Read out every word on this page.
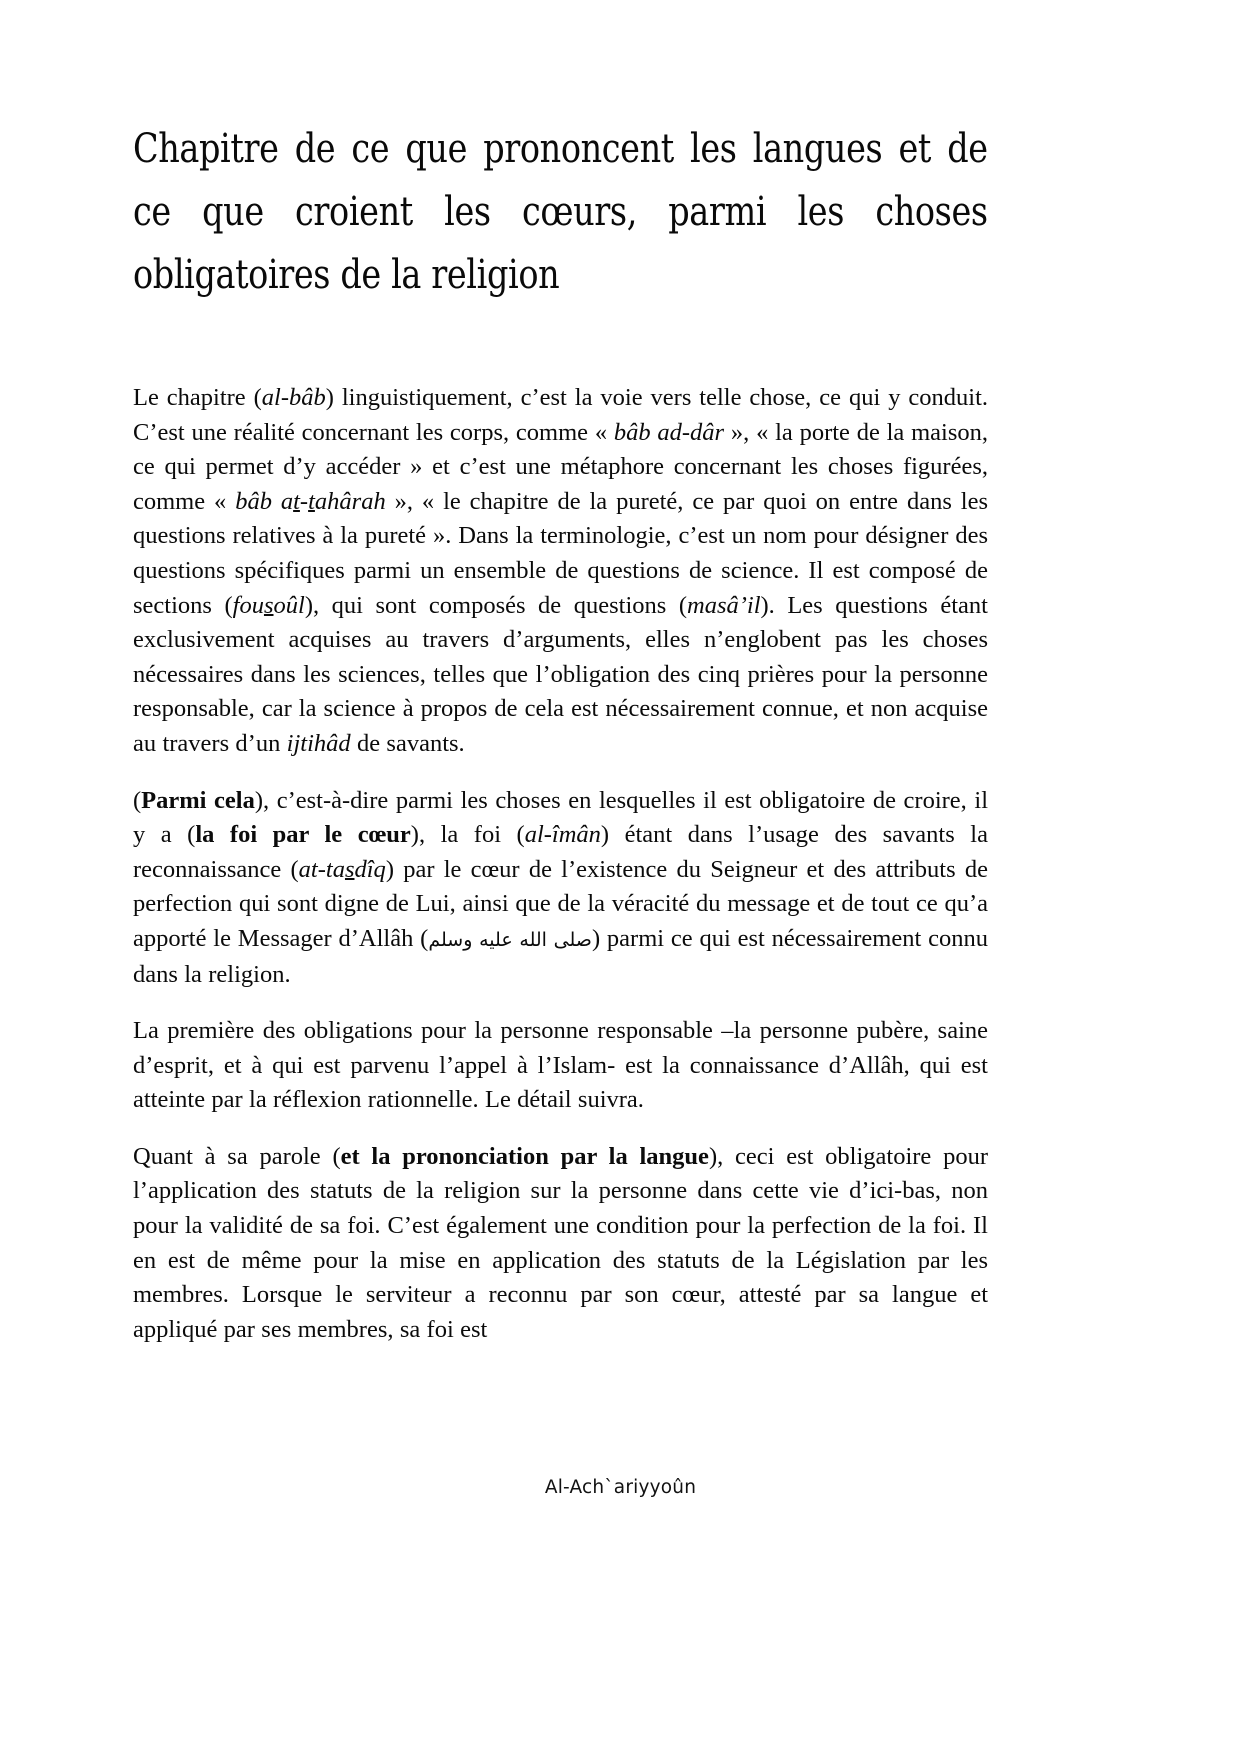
Chapitre de ce que prononcent les langues et de ce que croient les cœurs, parmi les choses obligatoires de la religion

Le chapitre (al-bâb) linguistiquement, c’est la voie vers telle chose, ce qui y conduit. C’est une réalité concernant les corps, comme « bâb ad-dâr », « la porte de la maison, ce qui permet d’y accéder » et c’est une métaphore concernant les choses figurées, comme « bâb at-tahârah », « le chapitre de la pureté, ce par quoi on entre dans les questions relatives à la pureté ». Dans la terminologie, c’est un nom pour désigner des questions spécifiques parmi un ensemble de questions de science. Il est composé de sections (fousoûl), qui sont composés de questions (masâ’il). Les questions étant exclusivement acquises au travers d’arguments, elles n’englobent pas les choses nécessaires dans les sciences, telles que l’obligation des cinq prières pour la personne responsable, car la science à propos de cela est nécessairement connue, et non acquise au travers d’un ijtihâd de savants.

(Parmi cela), c’est-à-dire parmi les choses en lesquelles il est obligatoire de croire, il y a (la foi par le cœur), la foi (al-îmân) étant dans l’usage des savants la reconnaissance (at-tasdîq) par le cœur de l’existence du Seigneur et des attributs de perfection qui sont digne de Lui, ainsi que de la véracité du message et de tout ce qu’a apporté le Messager d’Allâh (صلى الله عليه وسلم) parmi ce qui est nécessairement connu dans la religion.

La première des obligations pour la personne responsable –la personne pubère, saine d’esprit, et à qui est parvenu l’appel à l’Islam- est la connaissance d’Allâh, qui est atteinte par la réflexion rationnelle. Le détail suivra.

Quant à sa parole (et la prononciation par la langue), ceci est obligatoire pour l’application des statuts de la religion sur la personne dans cette vie d’ici-bas, non pour la validité de sa foi. C’est également une condition pour la perfection de la foi. Il en est de même pour la mise en application des statuts de la Législation par les membres. Lorsque le serviteur a reconnu par son cœur, attesté par sa langue et appliqué par ses membres, sa foi est

Al-Ach`ariyyoûn
